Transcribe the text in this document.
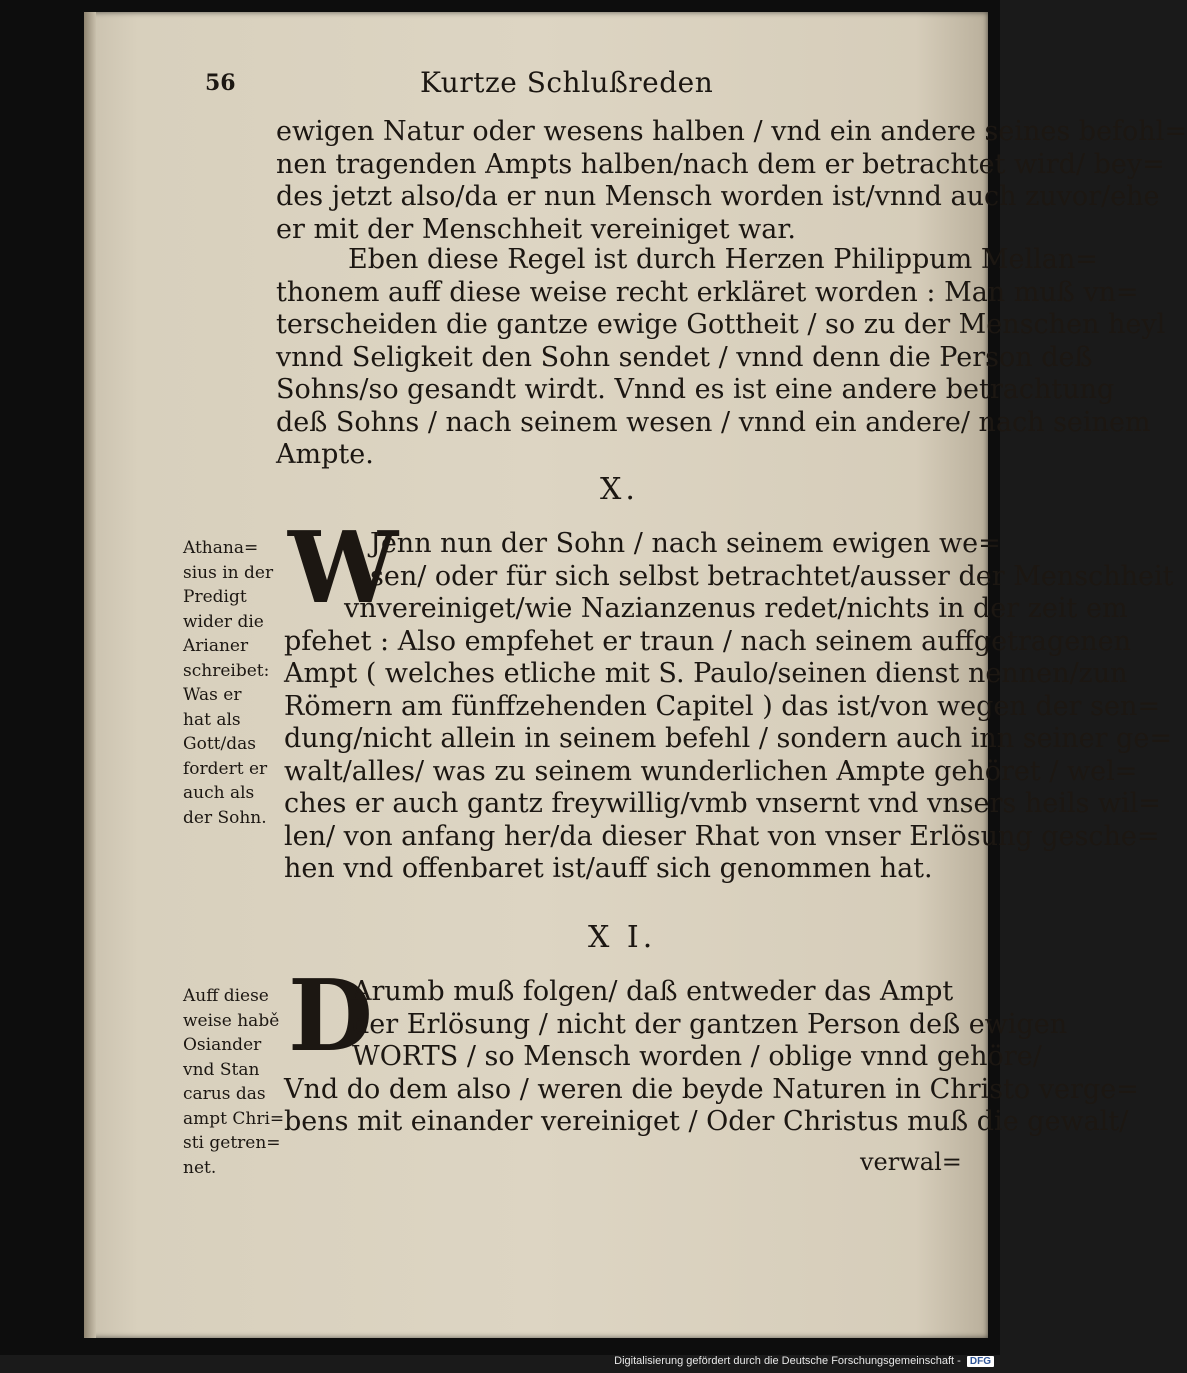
56	Kurtze Schlußreden
ewigen Natur oder wesens halben / vnd ein andere seines befohl=
nen tragenden Ampts halben/nach dem er betrachtet wird/ bey=
des jetzt also/da er nun Mensch worden ist/vnnd auch zuvor/ehe
er mit der Menschheit vereiniget war.
Eben diese Regel ist durch Herzen Philippum Mellan=
thonem auff diese weise recht erkläret worden : Man muß vn=
terscheiden die gantze ewige Gottheit / so zu der Menschen heyl
vnnd Seligkeit den Sohn sendet / vnnd denn die Person deß
Sohns/so gesandt wirdt. Vnnd es ist eine andere betrachtung
deß Sohns / nach seinem wesen / vnnd ein andere/ nach seinem
Ampte.
X.
Athana=
sius in der
Predigt
wider die
Arianer
schreibet:
Was er
hat als
Gott/das
fordert er
auch als
der Sohn.
W
Jenn nun der Sohn / nach seinem ewigen we=
sen/ oder für sich selbst betrachtet/ausser der Menschheit
vnvereiniget/wie Nazianzenus redet/nichts in der zeit em
pfehet : Also empfehet er traun / nach seinem auffgetragenen
Ampt ( welches etliche mit S. Paulo/seinen dienst nennen/zun
Römern am fünffzehenden Capitel ) das ist/von wegen der sen=
dung/nicht allein in seinem befehl / sondern auch inn seiner ge=
walt/alles/ was zu seinem wunderlichen Ampte gehöret / wel=
ches er auch gantz freywillig/vmb vnsernt vnd vnsers heils wil=
len/ von anfang her/da dieser Rhat von vnser Erlösung gesche=
hen vnd offenbaret ist/auff sich genommen hat.
X I.
Auff diese
weise habě
Osiander
vnd Stan
carus das
ampt Chri=
sti getren=
net.
D
Arumb muß folgen/ daß entweder das Ampt
der Erlösung / nicht der gantzen Person deß ewigen
WORTS / so Mensch worden / oblige vnnd gehöre/
Vnd do dem also / weren die beyde Naturen in Christo verge=
bens mit einander vereiniget / Oder Christus muß die gewalt/
verwal=
Digitalisierung gefördert durch die Deutsche Forschungsgemeinschaft - DFG
